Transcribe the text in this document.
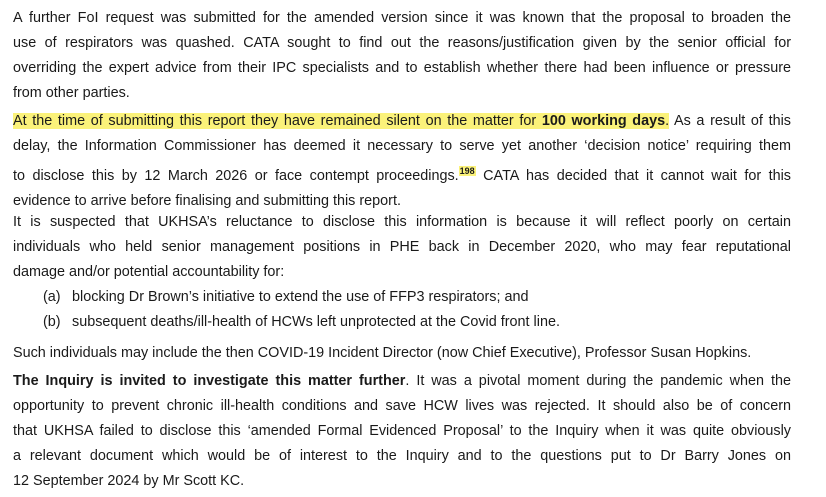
A further FoI request was submitted for the amended version since it was known that the proposal to broaden the
use of respirators was quashed. CATA sought to find out the reasons/justification given by the senior official for
overriding the expert advice from their IPC specialists and to establish whether there had been influence or pressure
from other parties.
At the time of submitting this report they have remained silent on the matter for 100 working days. As a result of this
delay, the Information Commissioner has deemed it necessary to serve yet another ‘decision notice’ requiring them
to disclose this by 12 March 2026 or face contempt proceedings.$^{198}$ CATA has decided that it cannot wait for this
evidence to arrive before finalising and submitting this report.
It is suspected that UKHSA’s reluctance to disclose this information is because it will reflect poorly on certain
individuals who held senior management positions in PHE back in December 2020, who may fear reputational
damage and/or potential accountability for:
(a) blocking Dr Brown’s initiative to extend the use of FFP3 respirators; and
(b) subsequent deaths/ill-health of HCWs left unprotected at the Covid front line.
Such individuals may include the then COVID-19 Incident Director (now Chief Executive), Professor Susan Hopkins.
The Inquiry is invited to investigate this matter further. It was a pivotal moment during the pandemic when the
opportunity to prevent chronic ill-health conditions and save HCW lives was rejected. It should also be of concern
that UKHSA failed to disclose this ‘amended Formal Evidenced Proposal’ to the Inquiry when it was quite obviously
a relevant document which would be of interest to the Inquiry and to the questions put to Dr Barry Jones on
12 September 2024 by Mr Scott KC.
